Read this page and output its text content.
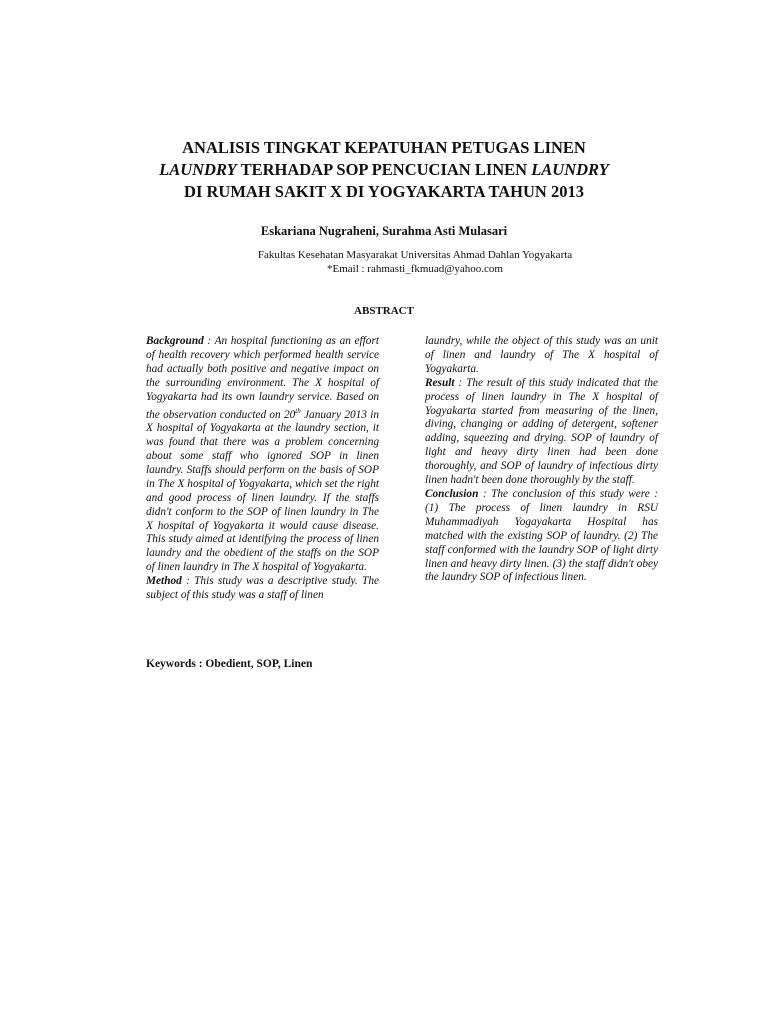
ANALISIS TINGKAT KEPATUHAN PETUGAS LINEN
LAUNDRY TERHADAP SOP PENCUCIAN LINEN LAUNDRY
DI RUMAH SAKIT X DI YOGYAKARTA TAHUN 2013
Eskariana Nugraheni, Surahma Asti Mulasari
Fakultas Kesehatan Masyarakat Universitas Ahmad Dahlan Yogyakarta
*Email : rahmasti_fkmuad@yahoo.com
ABSTRACT

Background : An hospital functioning as an effort of health recovery which performed health service had actually both positive and negative impact on the surrounding environment. The X hospital of Yogyakarta had its own laundry service. Based on the observation conducted on 20th January 2013 in X hospital of Yogyakarta at the laundry section, it was found that there was a problem concerning about some staff who ignored SOP in linen laundry. Staffs should perform on the basis of SOP in The X hospital of Yogyakarta, which set the right and good process of linen laundry. If the staffs didn't conform to the SOP of linen laundry in The X hospital of Yogyakarta it would cause disease. This study aimed at identifying the process of linen laundry and the obedient of the staffs on the SOP of linen laundry in The X hospital of Yogyakarta.
Method : This study was a descriptive study. The subject of this study was a staff of linen

laundry, while the object of this study was an unit of linen and laundry of The X hospital of Yogyakarta.
Result : The result of this study indicated that the process of linen laundry in The X hospital of Yogyakarta started from measuring of the linen, diving, changing or adding of detergent, softener adding, squeezing and drying. SOP of laundry of light and heavy dirty linen had been done thoroughly, and SOP of laundry of infectious dirty linen hadn't been done thoroughly by the staff.
Conclusion : The conclusion of this study were : (1) The process of linen laundry in RSU Muhammadiyah Yogayakarta Hospital has matched with the existing SOP of laundry. (2) The staff conformed with the laundry SOP of light dirty linen and heavy dirty linen. (3) the staff didn't obey the laundry SOP of infectious linen.

Keywords : Obedient, SOP, Linen
